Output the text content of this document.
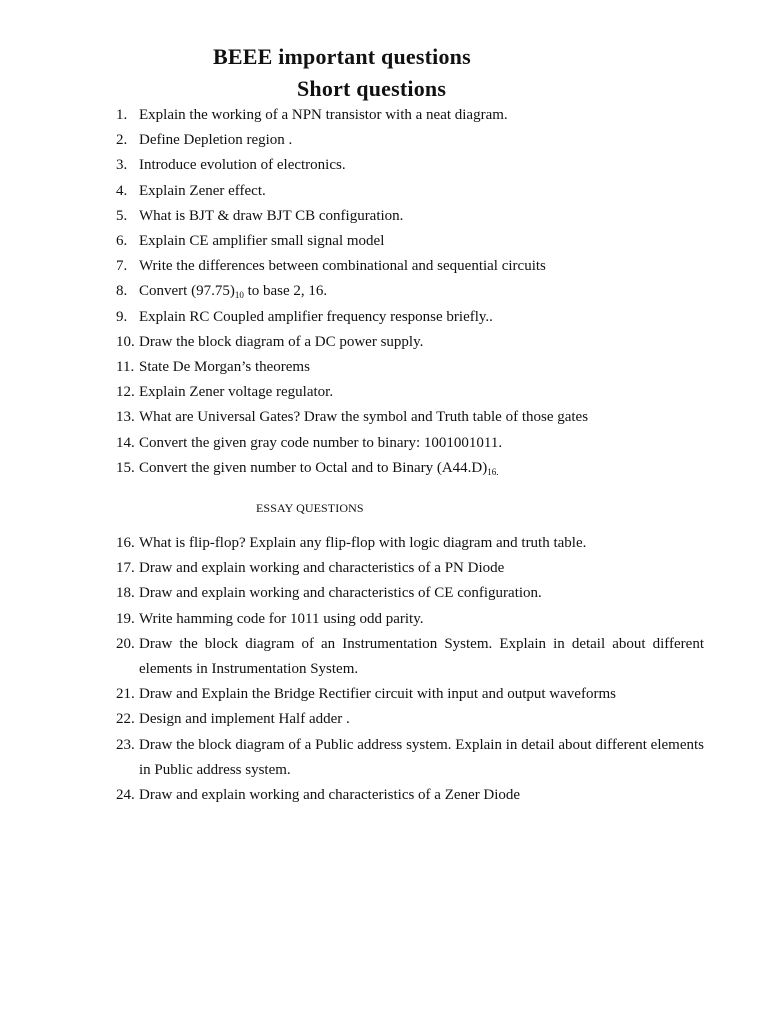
BEEE important questions
Short questions
1. Explain the working of a NPN transistor with a neat diagram.
2. Define Depletion region .
3. Introduce evolution of electronics.
4. Explain Zener effect.
5. What is BJT & draw BJT CB configuration.
6. Explain CE amplifier small signal model
7. Write the differences between combinational and sequential circuits
8. Convert $(97.75)_{10}$ to base 2, 16.
9. Explain RC Coupled amplifier frequency response briefly..
10. Draw the block diagram of a DC power supply.
11. State De Morgan’s theorems
12. Explain Zener voltage regulator.
13. What are Universal Gates? Draw the symbol and Truth table of those gates
14. Convert the given gray code number to binary: 1001001011.
15. Convert the given number to Octal and to Binary $(A44.D)_{16.}$
ESSAY QUESTIONS
16. What is flip-flop? Explain any flip-flop with logic diagram and truth table.
17. Draw and explain working and characteristics of a PN Diode
18. Draw and explain working and characteristics of CE configuration.
19. Write hamming code for 1011 using odd parity.
20. Draw the block diagram of an Instrumentation System. Explain in detail about different elements in Instrumentation System.
21. Draw and Explain the Bridge Rectifier circuit with input and output waveforms
22. Design and implement Half adder .
23. Draw the block diagram of a Public address system. Explain in detail about different elements in Public address system.
24. Draw and explain working and characteristics of a Zener Diode
